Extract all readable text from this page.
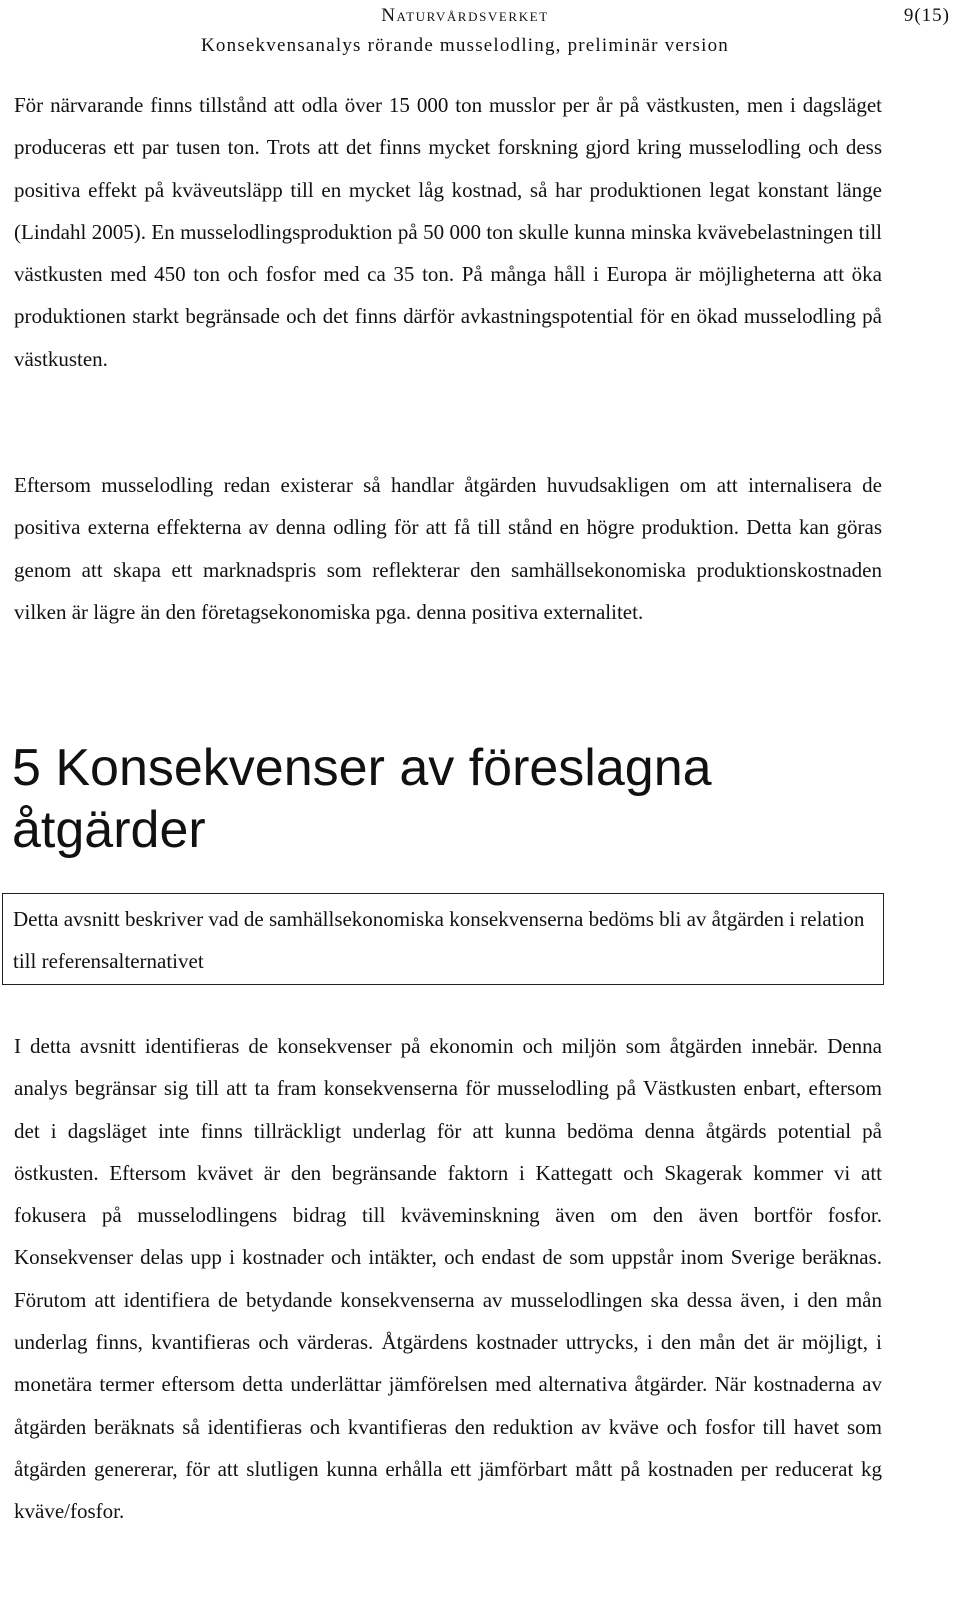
Naturvårdsverket	9(15)
Konsekvensanalys rörande musselodling, preliminär version

För närvarande finns tillstånd att odla över 15 000 ton musslor per år på västkusten, men i dagsläget produceras ett par tusen ton. Trots att det finns mycket forskning gjord kring musselodling och dess positiva effekt på kväveutsläpp till en mycket låg kostnad, så har produktionen legat konstant länge (Lindahl 2005). En musselodlingsproduktion på 50 000 ton skulle kunna minska kvävebelastningen till västkusten med 450 ton och fosfor med ca 35 ton. På många håll i Europa är möjligheterna att öka produktionen starkt begränsade och det finns därför avkastningspotential för en ökad musselodling på västkusten.

Eftersom musselodling redan existerar så handlar åtgärden huvudsakligen om att internalisera de positiva externa effekterna av denna odling för att få till stånd en högre produktion. Detta kan göras genom att skapa ett marknadspris som reflekterar den samhällsekonomiska produktionskostnaden vilken är lägre än den företagsekonomiska pga. denna positiva externalitet.

5 Konsekvenser av föreslagna åtgärder

Detta avsnitt beskriver vad de samhällsekonomiska konsekvenserna bedöms bli av åtgärden i relation till referensalternativet

I detta avsnitt identifieras de konsekvenser på ekonomin och miljön som åtgärden innebär. Denna analys begränsar sig till att ta fram konsekvenserna för musselodling på Västkusten enbart, eftersom det i dagsläget inte finns tillräckligt underlag för att kunna bedöma denna åtgärds potential på östkusten. Eftersom kvävet är den begränsande faktorn i Kattegatt och Skagerak kommer vi att fokusera på musselodlingens bidrag till kväveminskning även om den även bortför fosfor. Konsekvenser delas upp i kostnader och intäkter, och endast de som uppstår inom Sverige beräknas. Förutom att identifiera de betydande konsekvenserna av musselodlingen ska dessa även, i den mån underlag finns, kvantifieras och värderas. Åtgärdens kostnader uttrycks, i den mån det är möjligt, i monetära termer eftersom detta underlättar jämförelsen med alternativa åtgärder. När kostnaderna av åtgärden beräknats så identifieras och kvantifieras den reduktion av kväve och fosfor till havet som åtgärden genererar, för att slutligen kunna erhålla ett jämförbart mått på kostnaden per reducerat kg kväve/fosfor.
